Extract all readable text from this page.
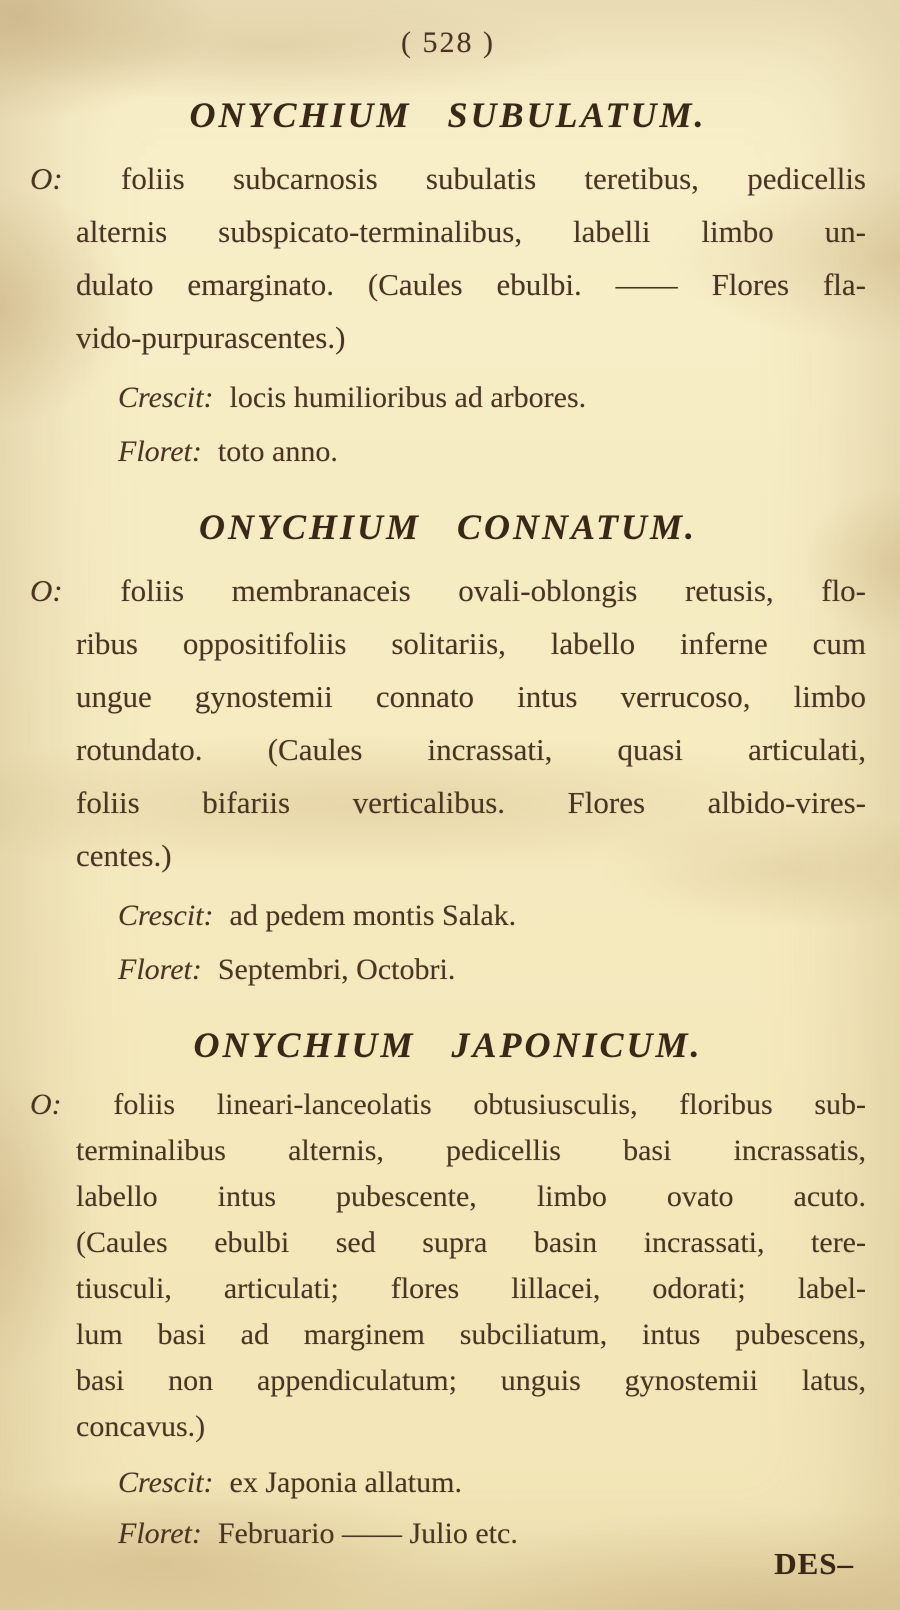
( 528 )
ONYCHIUM SUBULATUM.
O: foliis subcarnosis subulatis teretibus, pedicellis
alternis subspicato-terminalibus, labelli limbo un-
dulato emarginato. (Caules ebulbi. —— Flores fla-
vido-purpurascentes.)
Crescit: locis humilioribus ad arbores.
Floret: toto anno.
ONYCHIUM CONNATUM.
O: foliis membranaceis ovali-oblongis retusis, flo-
ribus oppositifoliis solitariis, labello inferne cum
ungue gynostemii connato intus verrucoso, limbo
rotundato. (Caules incrassati, quasi articulati,
foliis bifariis verticalibus. Flores albido-vires-
centes.)
Crescit: ad pedem montis Salak.
Floret: Septembri, Octobri.
ONYCHIUM JAPONICUM.
O: foliis lineari-lanceolatis obtusiusculis, floribus sub-
terminalibus alternis, pedicellis basi incrassatis,
labello intus pubescente, limbo ovato acuto.
(Caules ebulbi sed supra basin incrassati, tere-
tiusculi, articulati; flores lillacei, odorati; label-
lum basi ad marginem subciliatum, intus pubescens,
basi non appendiculatum; unguis gynostemii latus,
concavus.)
Crescit: ex Japonia allatum.
Floret: Februario —— Julio etc.
DES–
